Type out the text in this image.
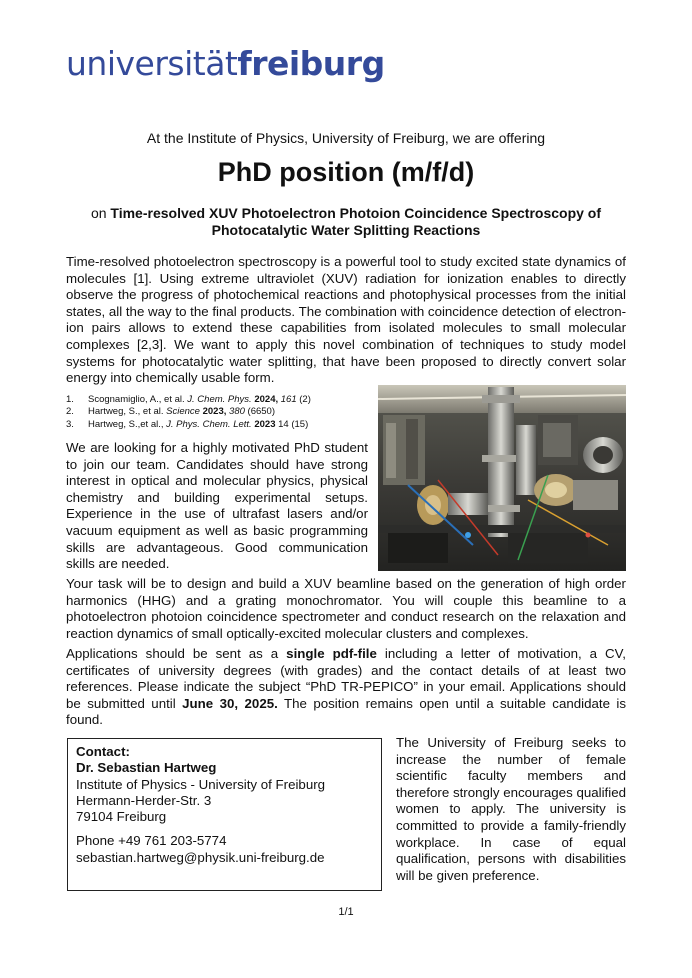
universitätfreiburg
At the Institute of Physics, University of Freiburg, we are offering
PhD position (m/f/d)
on Time-resolved XUV Photoelectron Photoion Coincidence Spectroscopy of Photocatalytic Water Splitting Reactions
Time-resolved photoelectron spectroscopy is a powerful tool to study excited state dynamics of molecules [1]. Using extreme ultraviolet (XUV) radiation for ionization enables to directly observe the progress of photochemical reactions and photophysical processes from the initial states, all the way to the final products. The combination with coincidence detection of electron-ion pairs allows to extend these capabilities from isolated molecules to small molecular complexes [2,3]. We want to apply this novel combination of techniques to study model systems for photocatalytic water splitting, that have been proposed to directly convert solar energy into chemically usable form.
1.	Scognamiglio, A., et al. J. Chem. Phys. 2024, 161 (2)
2.	Hartweg, S., et al. Science 2023, 380 (6650)
3.	Hartweg, S.,et al., J. Phys. Chem. Lett. 2023 14 (15)
We are looking for a highly motivated PhD student to join our team. Candidates should have strong interest in optical and molecular physics, physical chemistry and building experimental setups. Experience in the use of ultrafast lasers and/or vacuum equipment as well as basic programming skills are advantageous. Good communication skills are needed.
Your task will be to design and build a XUV beamline based on the generation of high order harmonics (HHG) and a grating monochromator. You will couple this beamline to a photoelectron photoion coincidence spectrometer and conduct research on the relaxation and reaction dynamics of small optically-excited molecular clusters and complexes.
Applications should be sent as a single pdf-file including a letter of motivation, a CV, certificates of university degrees (with grades) and the contact details of at least two references. Please indicate the subject “PhD TR-PEPICO” in your email. Applications should be submitted until June 30, 2025. The position remains open until a suitable candidate is found.
Contact:
Dr. Sebastian Hartweg
Institute of Physics - University of Freiburg
Hermann-Herder-Str. 3
79104 Freiburg
Phone +49 761 203-5774
sebastian.hartweg@physik.uni-freiburg.de
The University of Freiburg seeks to increase the number of female scientific faculty members and therefore strongly encourages qualified women to apply. The university is committed to provide a family-friendly workplace. In case of equal qualification, persons with disabilities will be given preference.
1/1
